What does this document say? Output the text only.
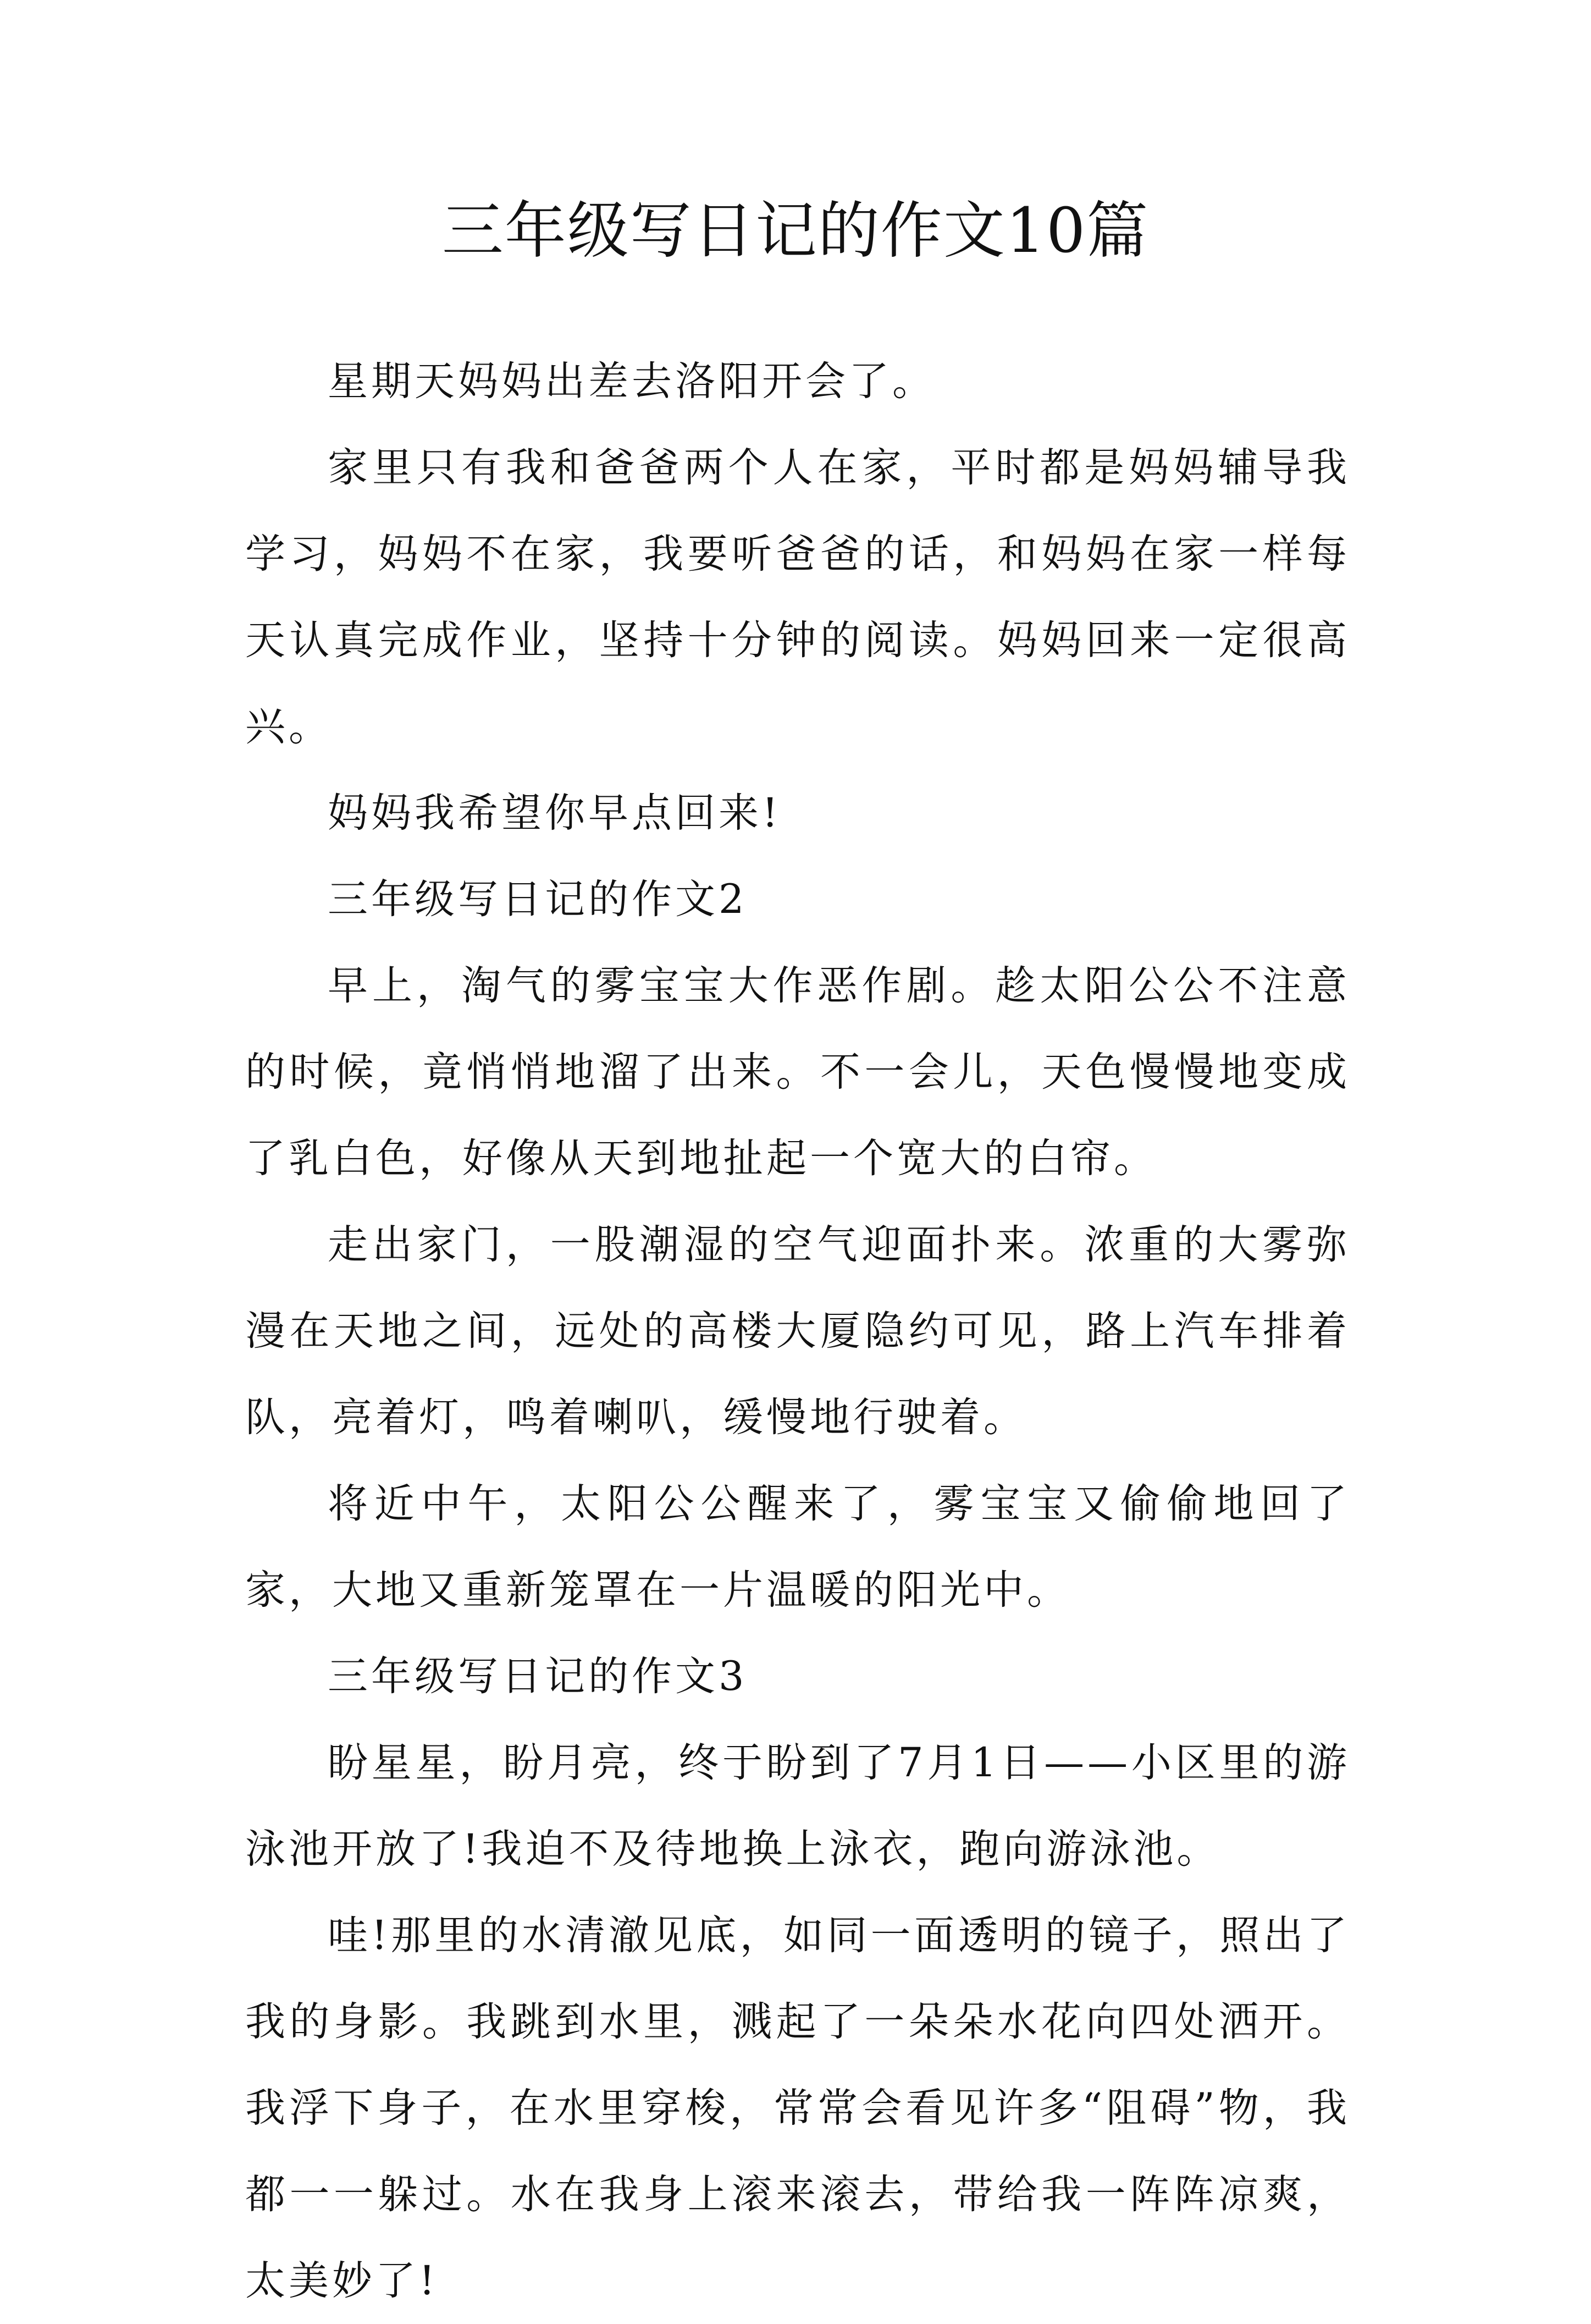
三年级写日记的作文10篇

星期天妈妈出差去洛阳开会了。

家里只有我和爸爸两个人在家，平时都是妈妈辅导我学习，妈妈不在家，我要听爸爸的话，和妈妈在家一样每天认真完成作业，坚持十分钟的阅读。妈妈回来一定很高兴。

妈妈我希望你早点回来!

三年级写日记的作文2

早上，淘气的雾宝宝大作恶作剧。趁太阳公公不注意的时候，竟悄悄地溜了出来。不一会儿，天色慢慢地变成了乳白色，好像从天到地扯起一个宽大的白帘。

走出家门，一股潮湿的空气迎面扑来。浓重的大雾弥漫在天地之间，远处的高楼大厦隐约可见，路上汽车排着队，亮着灯，鸣着喇叭，缓慢地行驶着。

将近中午，太阳公公醒来了，雾宝宝又偷偷地回了家，大地又重新笼罩在一片温暖的阳光中。

三年级写日记的作文3

盼星星，盼月亮，终于盼到了7月1日——小区里的游泳池开放了!我迫不及待地换上泳衣，跑向游泳池。

哇!那里的水清澈见底，如同一面透明的镜子，照出了我的身影。我跳到水里，溅起了一朵朵水花向四处洒开。我浮下身子，在水里穿梭，常常会看见许多“阻碍”物，我都一一躲过。水在我身上滚来滚去，带给我一阵阵凉爽，太美妙了!
